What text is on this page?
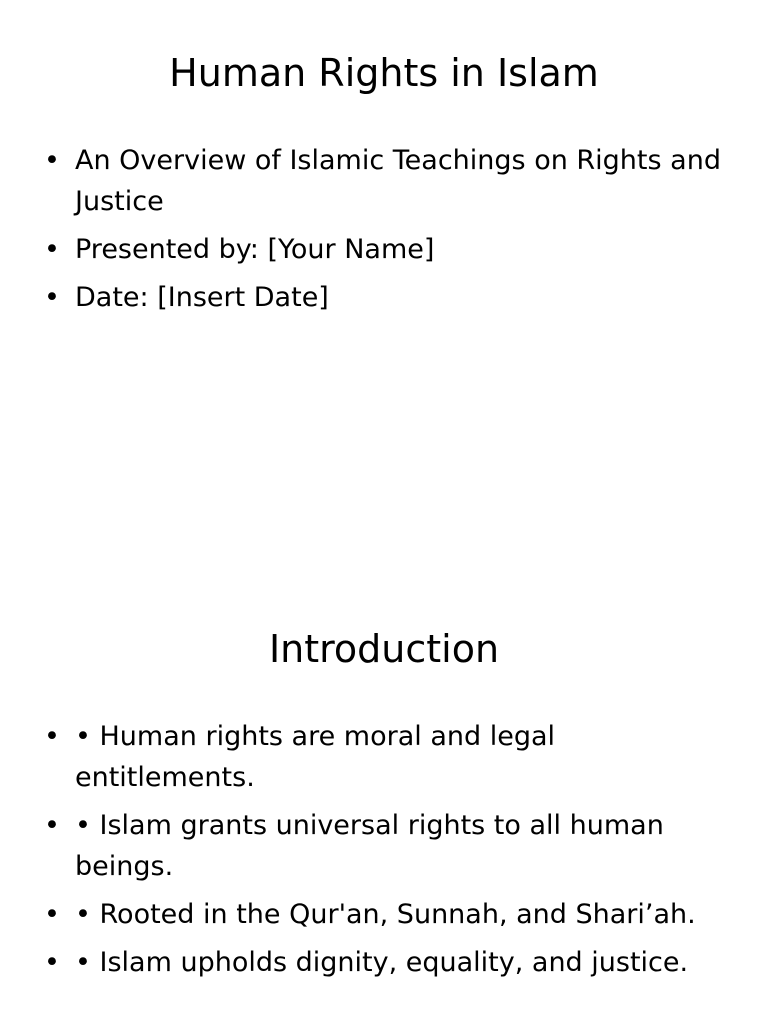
Human Rights in Islam
• An Overview of Islamic Teachings on Rights and Justice
• Presented by: [Your Name]
• Date: [Insert Date]
Introduction
• • Human rights are moral and legal entitlements.
• • Islam grants universal rights to all human beings.
• • Rooted in the Qur'an, Sunnah, and Shari’ah.
• • Islam upholds dignity, equality, and justice.
